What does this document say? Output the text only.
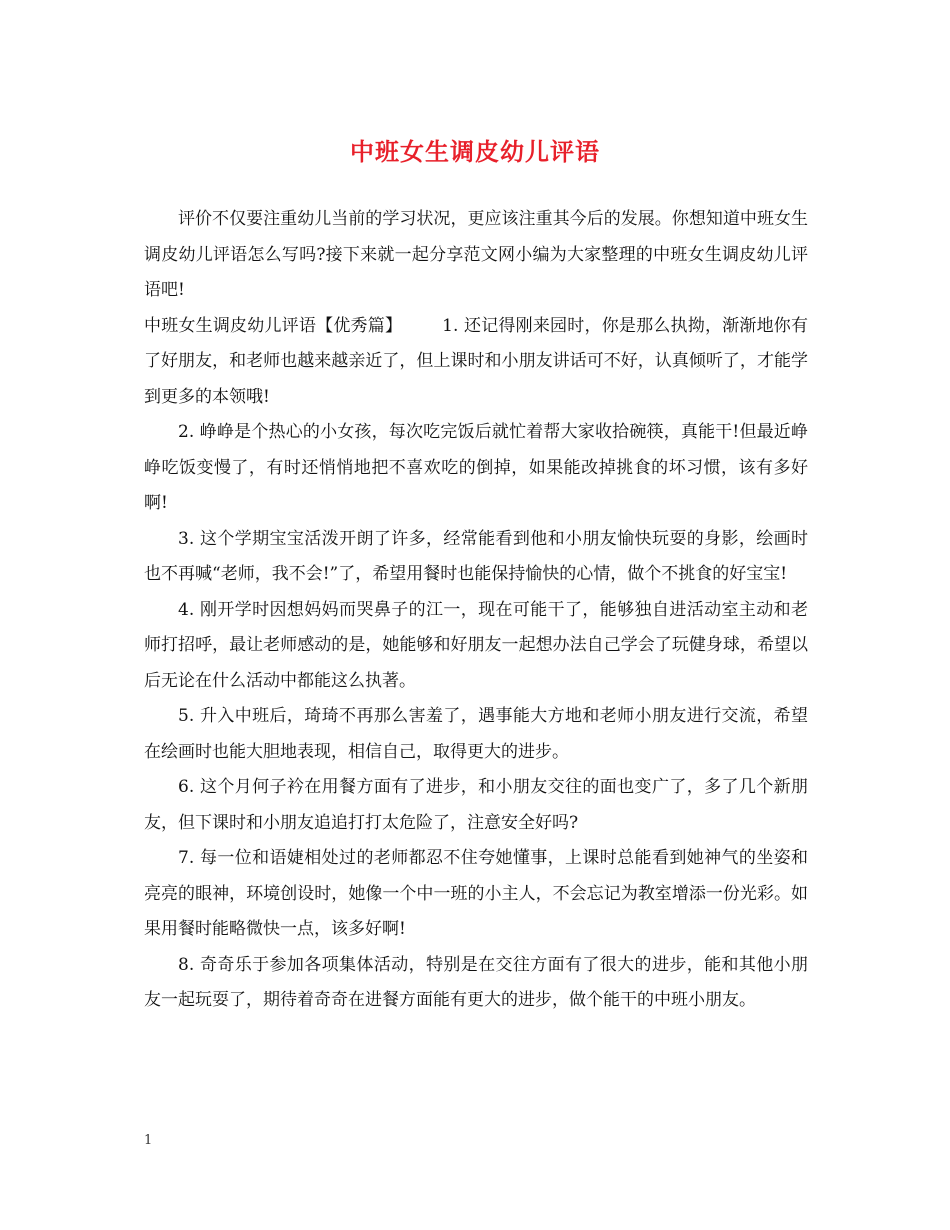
中班女生调皮幼儿评语

评价不仅要注重幼儿当前的学习状况，更应该注重其今后的发展。你想知道中班女生调皮幼儿评语怎么写吗?接下来就一起分享范文网小编为大家整理的中班女生调皮幼儿评语吧!

中班女生调皮幼儿评语【优秀篇】 1. 还记得刚来园时，你是那么执拗，渐渐地你有了好朋友，和老师也越来越亲近了，但上课时和小朋友讲话可不好，认真倾听了，才能学到更多的本领哦!

2. 峥峥是个热心的小女孩，每次吃完饭后就忙着帮大家收拾碗筷，真能干!但最近峥峥吃饭变慢了，有时还悄悄地把不喜欢吃的倒掉，如果能改掉挑食的坏习惯，该有多好啊!

3. 这个学期宝宝活泼开朗了许多，经常能看到他和小朋友愉快玩耍的身影，绘画时也不再喊“老师，我不会!”了，希望用餐时也能保持愉快的心情，做个不挑食的好宝宝!

4. 刚开学时因想妈妈而哭鼻子的江一，现在可能干了，能够独自进活动室主动和老师打招呼，最让老师感动的是，她能够和好朋友一起想办法自己学会了玩健身球，希望以后无论在什么活动中都能这么执著。

5. 升入中班后，琦琦不再那么害羞了，遇事能大方地和老师小朋友进行交流，希望在绘画时也能大胆地表现，相信自己，取得更大的进步。

6. 这个月何子衿在用餐方面有了进步，和小朋友交往的面也变广了，多了几个新朋友，但下课时和小朋友追追打打太危险了，注意安全好吗?

7. 每一位和语婕相处过的老师都忍不住夸她懂事，上课时总能看到她神气的坐姿和亮亮的眼神，环境创设时，她像一个中一班的小主人，不会忘记为教室增添一份光彩。如果用餐时能略微快一点，该多好啊!

8. 奇奇乐于参加各项集体活动，特别是在交往方面有了很大的进步，能和其他小朋友一起玩耍了，期待着奇奇在进餐方面能有更大的进步，做个能干的中班小朋友。

1
